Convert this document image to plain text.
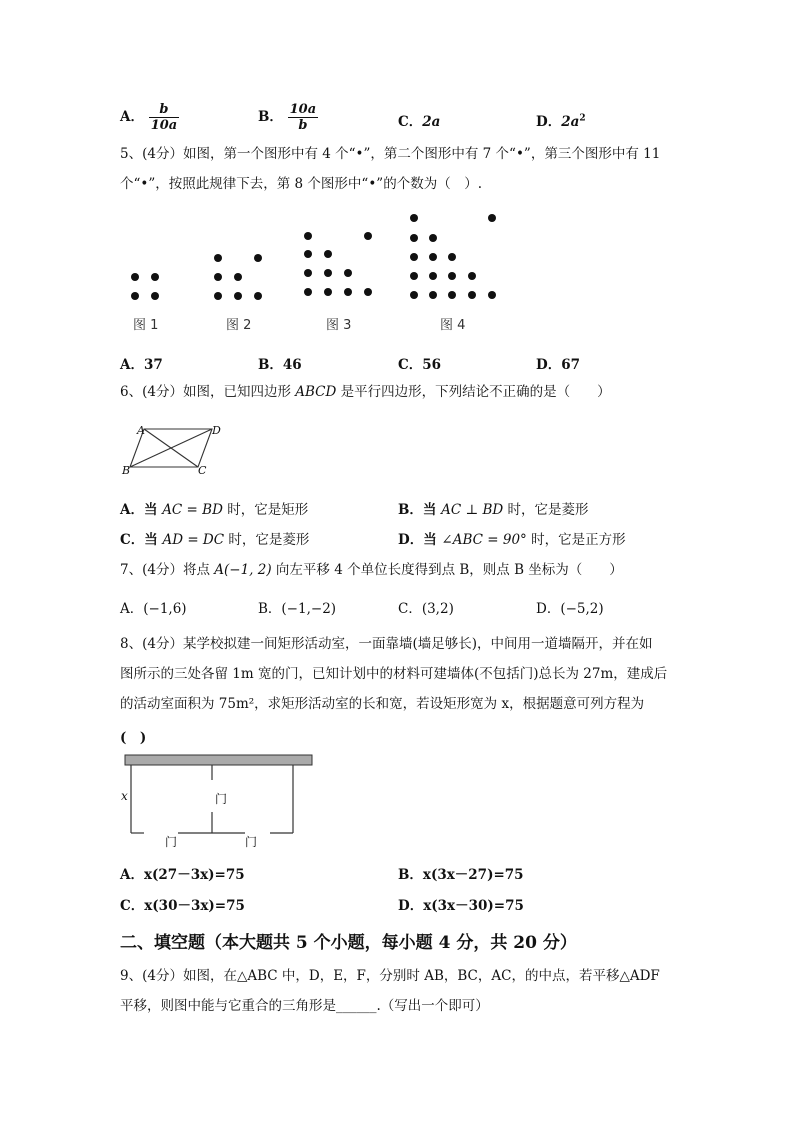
A． $\frac{b}{10a}$	B． $\frac{10a}{b}$	C．2a	D．$2a^2$
5、(4分）如图，第一个图形中有 4 个“•”，第二个图形中有 7 个“•”，第三个图形中有 11
个“•”，按照此规律下去，第 8 个图形中“•”的个数为（　）.
图 1	图 2	图 3	图 4
A．37	B．46	C．56	D．67
6、(4分）如图，已知四边形 ABCD 是平行四边形，下列结论不正确的是（　　）
A	D
B	C
A．当 AC = BD 时，它是矩形	B．当 AC ⊥ BD 时，它是菱形
C．当 AD = DC 时，它是菱形	D．当 ∠ABC = 90° 时，它是正方形
7、(4分）将点 A(−1, 2) 向左平移 4 个单位长度得到点 B，则点 B 坐标为（　　）
A．(−1,6)	B．(−1,−2)	C．(3,2)	D．(−5,2)
8、(4分）某学校拟建一间矩形活动室，一面靠墙(墙足够长)，中间用一道墙隔开，并在如
图所示的三处各留 1m 宽的门，已知计划中的材料可建墙体(不包括门)总长为 27m，建成后
的活动室面积为 75m²，求矩形活动室的长和宽，若设矩形宽为 x，根据题意可列方程为
(　)
x	门
门	门
A．x(27－3x)=75	B．x(3x－27)=75
C．x(30－3x)=75	D．x(3x－30)=75
二、填空题（本大题共 5 个小题，每小题 4 分，共 20 分）
9、(4分）如图，在△ABC 中，D，E，F，分别时 AB，BC，AC，的中点，若平移△ADF
平移，则图中能与它重合的三角形是______.（写出一个即可）
